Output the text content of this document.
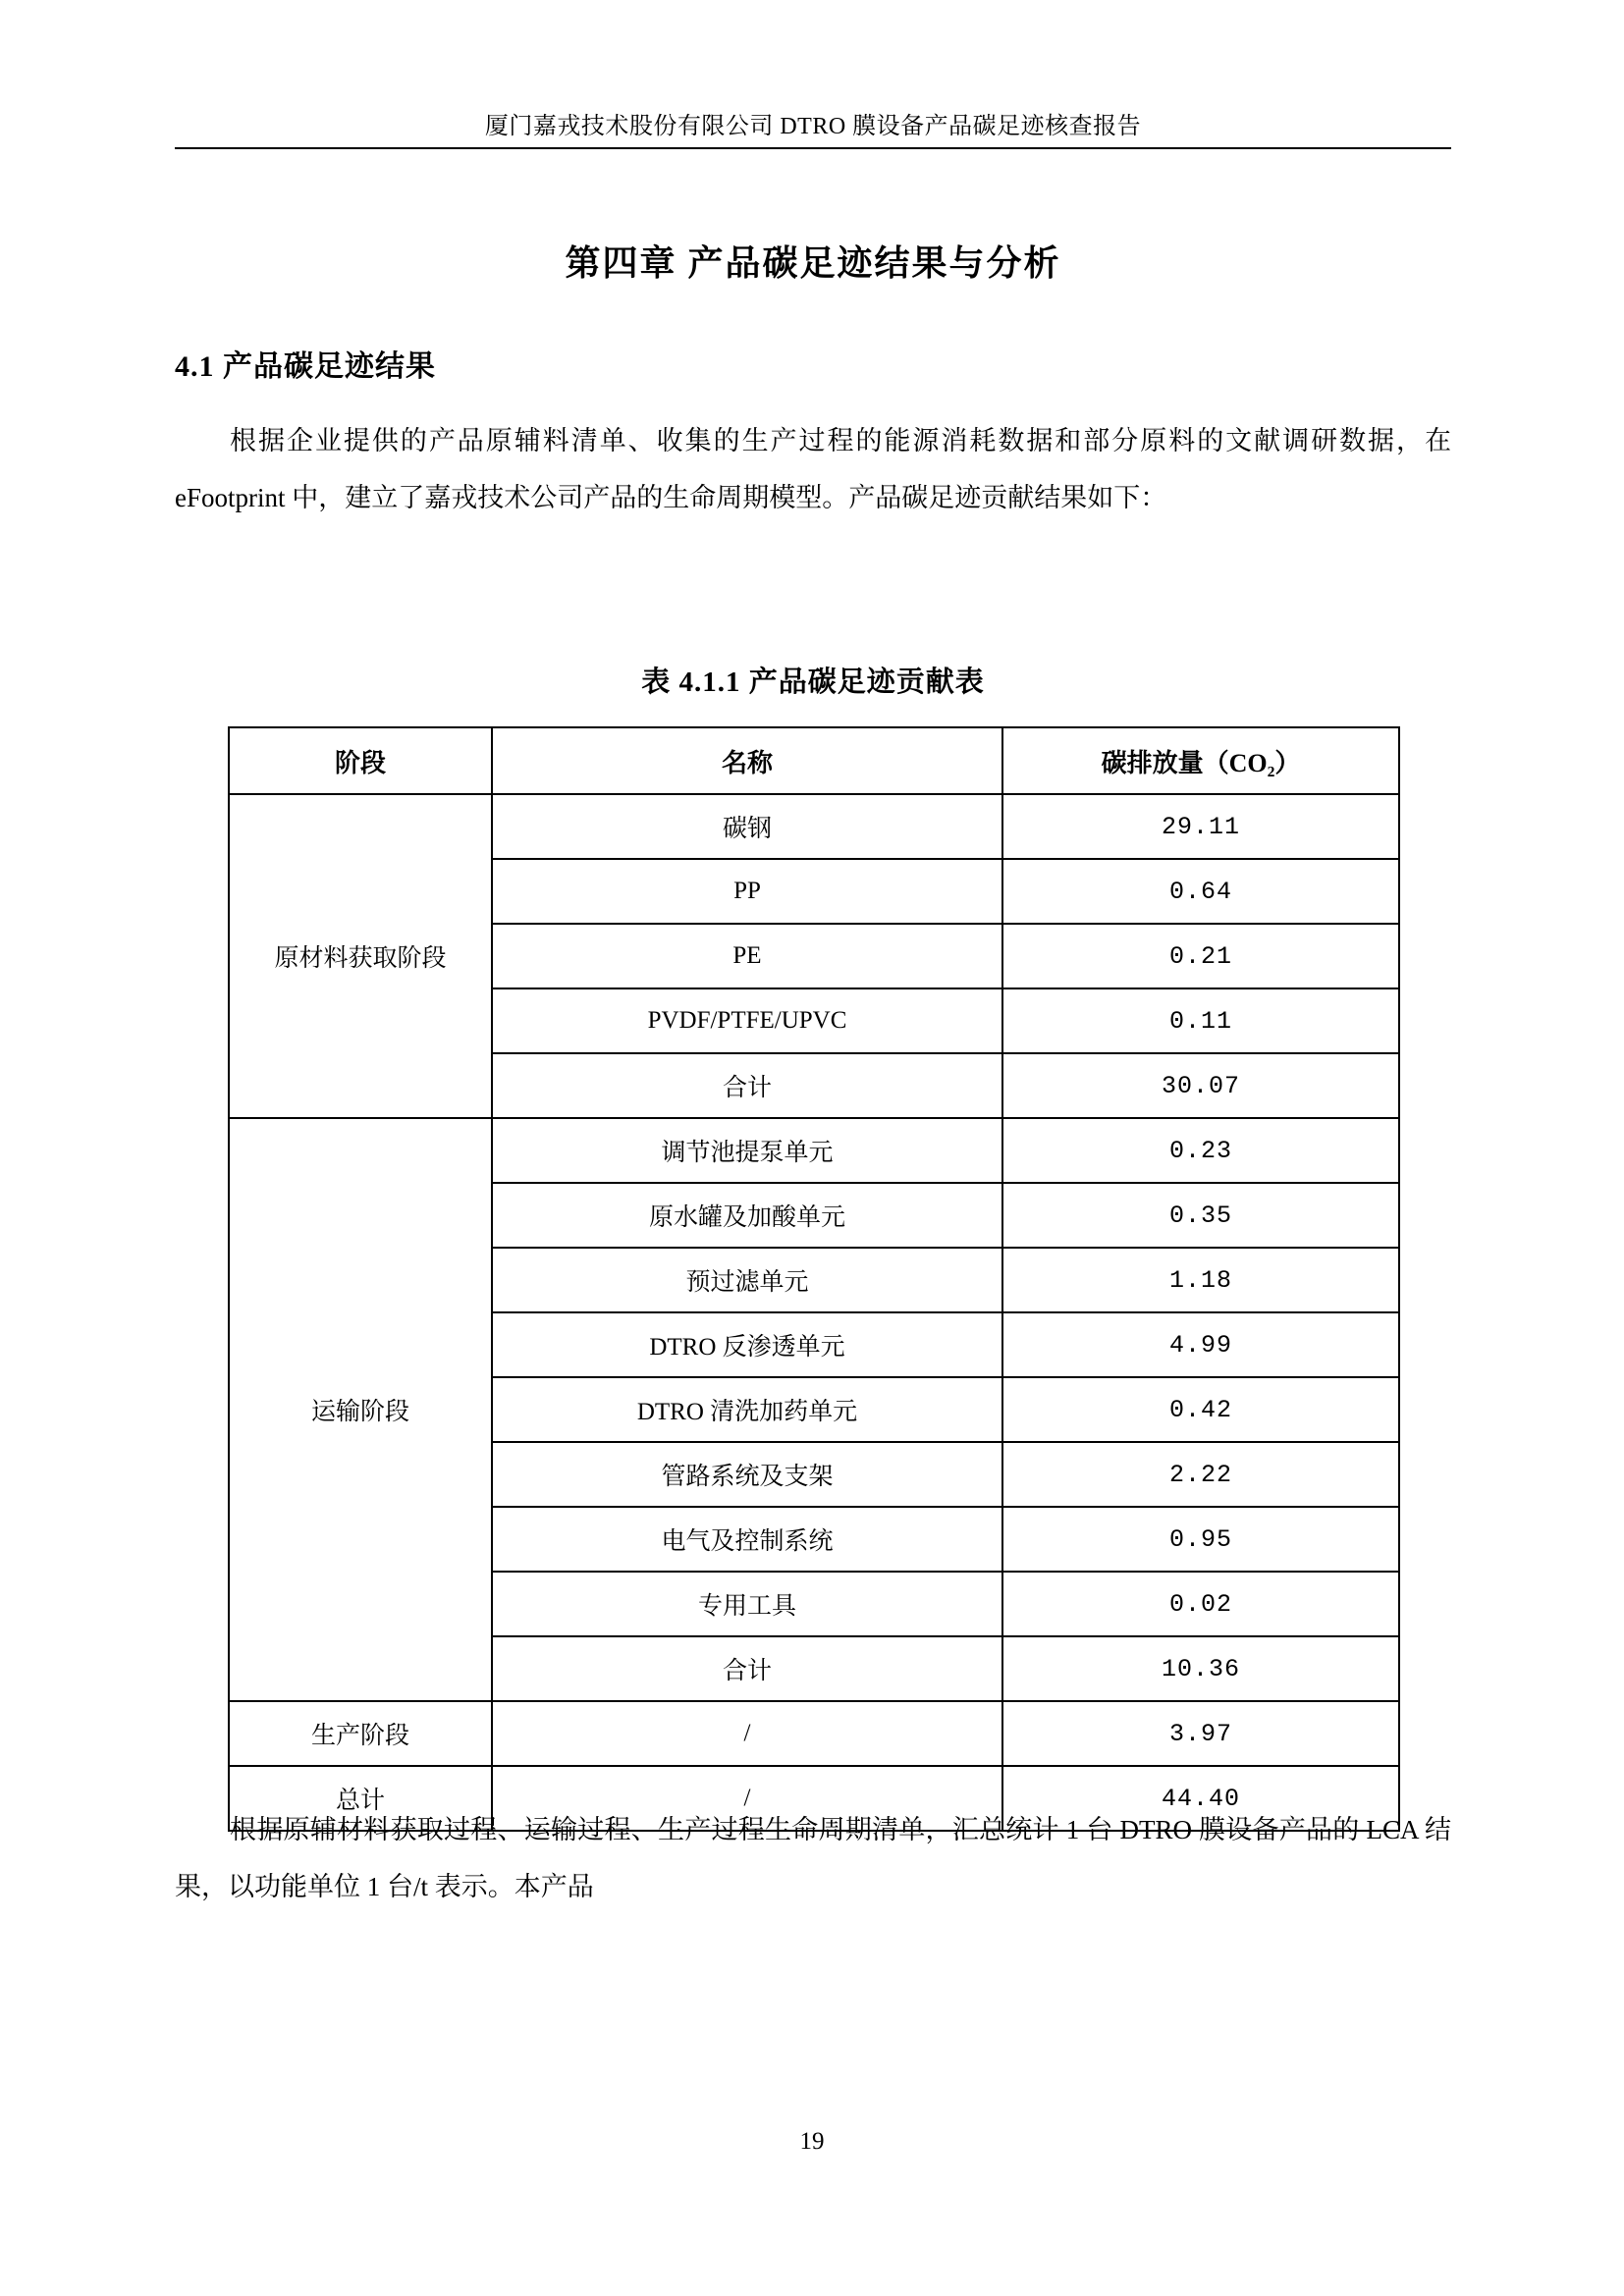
厦门嘉戎技术股份有限公司 DTRO 膜设备产品碳足迹核查报告
第四章 产品碳足迹结果与分析
4.1 产品碳足迹结果
根据企业提供的产品原辅料清单、收集的生产过程的能源消耗数据和部分原料的文献调研数据，在 eFootprint 中，建立了嘉戎技术公司产品的生命周期模型。产品碳足迹贡献结果如下：
表 4.1.1 产品碳足迹贡献表
阶段	名称	碳排放量（CO₂）
原材料获取阶段	碳钢	29.11
	PP	0.64
	PE	0.21
	PVDF/PTFE/UPVC	0.11
	合计	30.07
运输阶段	调节池提泵单元	0.23
	原水罐及加酸单元	0.35
	预过滤单元	1.18
	DTRO 反渗透单元	4.99
	DTRO 清洗加药单元	0.42
	管路系统及支架	2.22
	电气及控制系统	0.95
	专用工具	0.02
	合计	10.36
生产阶段	/	3.97
总计	/	44.40
根据原辅材料获取过程、运输过程、生产过程生命周期清单，汇总统计 1 台 DTRO 膜设备产品的 LCA 结果，以功能单位 1 台/t 表示。本产品
19
